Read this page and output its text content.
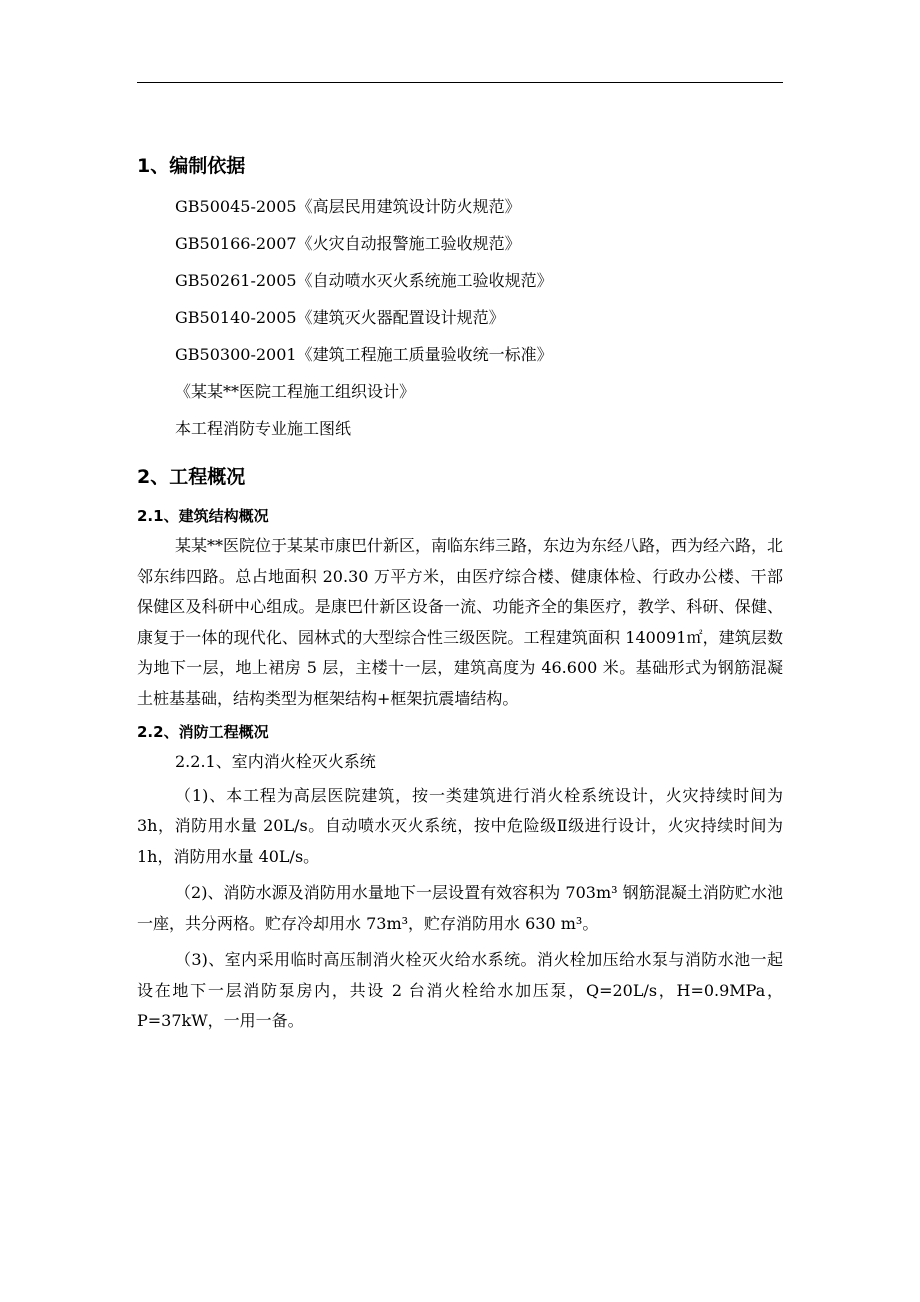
1、编制依据
GB50045-2005《高层民用建筑设计防火规范》
GB50166-2007《火灾自动报警施工验收规范》
GB50261-2005《自动喷水灭火系统施工验收规范》
GB50140-2005《建筑灭火器配置设计规范》
GB50300-2001《建筑工程施工质量验收统一标准》
《某某**医院工程施工组织设计》
本工程消防专业施工图纸
2、工程概况
2.1、建筑结构概况
某某**医院位于某某市康巴什新区，南临东纬三路，东边为东经八路，西为经六路，北邻东纬四路。总占地面积 20.30 万平方米，由医疗综合楼、健康体检、行政办公楼、干部保健区及科研中心组成。是康巴什新区设备一流、功能齐全的集医疗，教学、科研、保健、康复于一体的现代化、园林式的大型综合性三级医院。工程建筑面积 140091㎡，建筑层数为地下一层，地上裙房 5 层，主楼十一层，建筑高度为 46.600 米。基础形式为钢筋混凝土桩基基础，结构类型为框架结构+框架抗震墙结构。
2.2、消防工程概况
2.2.1、室内消火栓灭火系统
（1)、本工程为高层医院建筑，按一类建筑进行消火栓系统设计，火灾持续时间为 3h，消防用水量 20L/s。自动喷水灭火系统，按中危险级Ⅱ级进行设计，火灾持续时间为 1h，消防用水量 40L/s。
（2)、消防水源及消防用水量地下一层设置有效容积为 703m³ 钢筋混凝土消防贮水池一座，共分两格。贮存冷却用水 73m³，贮存消防用水 630 m³。
（3)、室内采用临时高压制消火栓灭火给水系统。消火栓加压给水泵与消防水池一起设在地下一层消防泵房内，共设 2 台消火栓给水加压泵，Q=20L/s，H=0.9MPa，P=37kW，一用一备。
